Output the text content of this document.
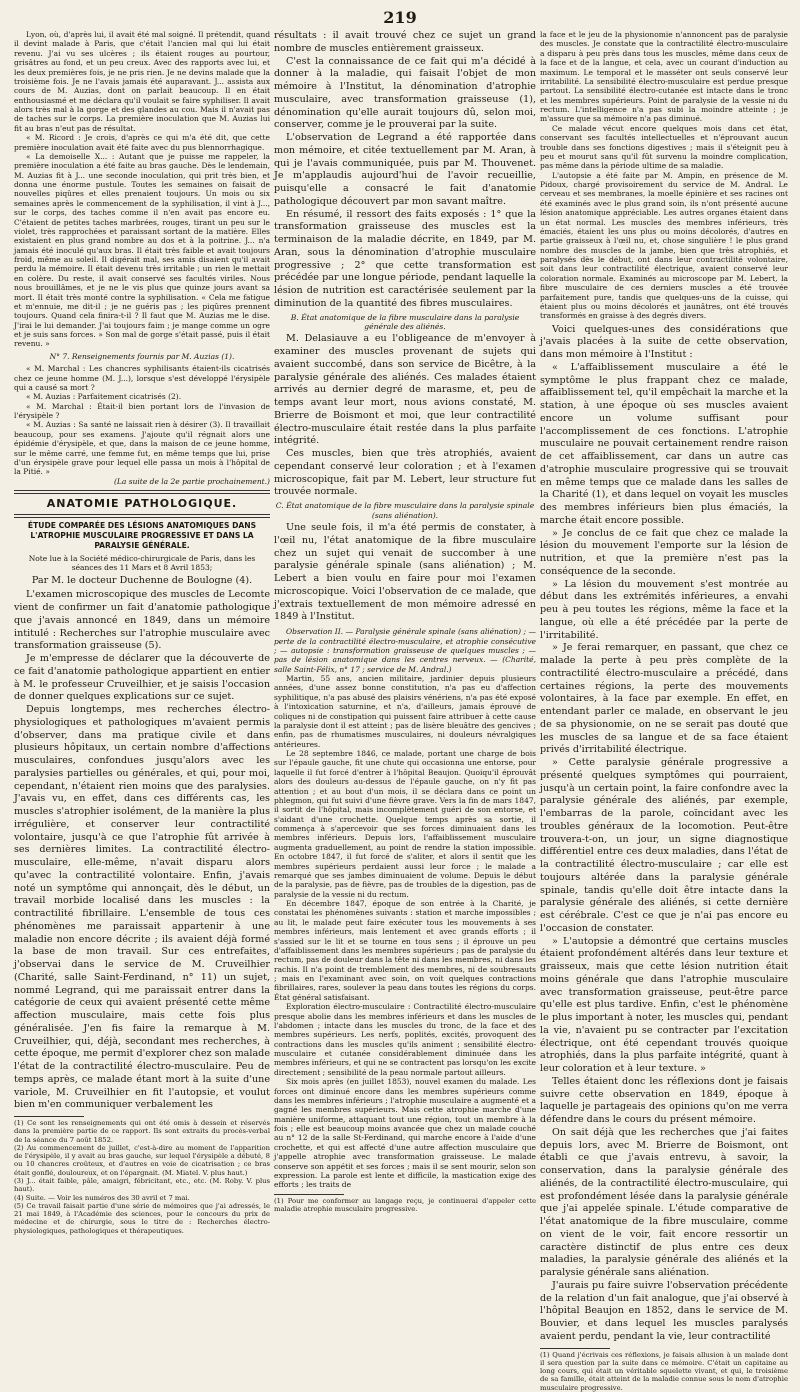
219

Lyon, où, d'après lui, il avait été mal soigné. Il prétendit, quand il devint malade à Paris, que c'était l'ancien mal qui lui était revenu. J'ai vu ses ulcères ; ils étaient rouges au pourtour, grisâtres au fond, et un peu creux. Avec des rapports avec lui, et les deux premières fois, je ne pris rien. Je ne devins malade que la troisième fois. Je ne l'avais jamais été auparavant. J... assista aux cours de M. Auzias, dont on parlait beaucoup. Il en était enthousiasmé et me déclara qu'il voulait se faire syphiliser. Il avait alors très mal à la gorge et des glandes au cou. Mais il n'avait pas de taches sur le corps. La première inoculation que M. Auzias lui fit au bras n'eut pas de résultat.

« M. Ricord : Je crois, d'après ce qui m'a été dit, que cette première inoculation avait été faite avec du pus blennorrhagique.

« La demoiselle X... : Autant que je puisse me rappeler, la première inoculation a été faite au bras gauche. Dès le lendemain, M. Auzias fit à J... une seconde inoculation, qui prit très bien, et donna une énorme pustule. Toutes les semaines on faisait de nouvelles piqûres et elles prenaient toujours. Un mois ou six semaines après le commencement de la syphilisation, il vint à J..., sur le corps, des taches comme il n'en avait pas encore eu. C'étaient de petites taches marbrées, rouges, tirant un peu sur le violet, très rapprochées et paraissant sortant de la matière. Elles existaient en plus grand nombre au dos et à la poitrine. J... n'a jamais été inoculé qu'aux bras. Il était très faible et avait toujours froid, même au soleil. Il digérait mal, ses amis disaient qu'il avait perdu la mémoire. Il était devenu très irritable ; un rien le mettait en colère. Du reste, il avait conservé ses facultés viriles. Nous nous brouillâmes, et je ne le vis plus que quinze jours avant sa mort. Il était très monté contre la syphilisation. « Cela me fatigue et m'ennuie, me dit-il ; je ne guéris pas ; les piqûres prennent toujours. Quand cela finira-t-il ? Il faut que M. Auzias me le dise. J'irai le lui demander. J'ai toujours faim ; je mange comme un ogre et je suis sans forces. » Son mal de gorge s'était passé, puis il était revenu. »

N° 7. Renseignements fournis par M. Auzias (1).

« M. Marchal : Les chancres syphilisants étaient-ils cicatrisés chez ce jeune homme (M. J...), lorsque s'est développé l'érysipèle qui a causé sa mort ?

« M. Auzias : Parfaitement cicatrisés (2).

« M. Marchal : Était-il bien portant lors de l'invasion de l'érysipèle ?

« M. Auzias : Sa santé ne laissait rien à désirer (3). Il travaillait beaucoup, pour ses examens. J'ajoute qu'il régnait alors une épidémie d'érysipèle, et que, dans la maison de ce jeune homme, sur le même carré, une femme fut, en même temps que lui, prise d'un érysipèle grave pour lequel elle passa un mois à l'hôpital de la Pitié. »

(La suite de la 2e partie prochainement.)

ANATOMIE PATHOLOGIQUE.
ÉTUDE COMPARÉE DES LÉSIONS ANATOMIQUES DANS L'ATROPHIE MUSCULAIRE PROGRESSIVE ET DANS LA PARALYSIE GÉNÉRALE.
Note lue à la Société médico-chirurgicale de Paris, dans les séances des 11 Mars et 8 Avril 1853;
Par M. le docteur Duchenne de Boulogne (4).

L'examen microscopique des muscles de Lecomte vient de confirmer un fait d'anatomie pathologique que j'avais annoncé en 1849, dans un mémoire intitulé : Recherches sur l'atrophie musculaire avec transformation graisseuse (5).

Je m'empresse de déclarer que la découverte de ce fait d'anatomie pathologique appartient en entier à M. le professeur Cruveilhier, et je saisis l'occasion de donner quelques explications sur ce sujet.

Depuis longtemps, mes recherches électro-physiologiques et pathologiques m'avaient permis d'observer, dans ma pratique civile et dans plusieurs hôpitaux, un certain nombre d'affections musculaires, confondues jusqu'alors avec les paralysies partielles ou générales, et qui, pour moi, cependant, n'étaient rien moins que des paralysies. J'avais vu, en effet, dans ces différents cas, les muscles s'atrophier isolément, de la manière la plus irrégulière, et conserver leur contractilité volontaire, jusqu'à ce que l'atrophie fût arrivée à ses dernières limites. La contractilité électro-musculaire, elle-même, n'avait disparu alors qu'avec la contractilité volontaire. Enfin, j'avais noté un symptôme qui annonçait, dès le début, un travail morbide localisé dans les muscles : la contractilité fibrillaire. L'ensemble de tous ces phénomènes me paraissait appartenir à une maladie non encore décrite ; ils avaient déjà formé la base de mon travail. Sur ces entrefaites, j'observai dans le service de M. Cruveilhier (Charité, salle Saint-Ferdinand, n° 11) un sujet, nommé Legrand, qui me paraissait entrer dans la catégorie de ceux qui avaient présenté cette même affection musculaire, mais cette fois plus généralisée. J'en fis faire la remarque à M. Cruveilhier, qui, déjà, secondant mes recherches, à cette époque, me permit d'explorer chez son malade l'état de la contractilité électro-musculaire. Peu de temps après, ce malade étant mort à la suite d'une variole, M. Cruveilhier en fit l'autopsie, et voulut bien m'en communiquer verbalement les

(1) Ce sont les renseignements qui ont été omis à dessein et réservés dans la première partie de ce rapport. Ils sont extraits du procès-verbal de la séance du 7 août 1852.

(2) Au commencement de juillet, c'est-à-dire au moment de l'apparition de l'érysipèle, il y avait au bras gauche, sur lequel l'érysipèle a débuté, 8 ou 10 chancres croûteux, et d'autres en voie de cicatrisation ; ce bras était gonflé, douloureux, et on l'épargnait. (M. Miatel. V. plus haut.)

(3) J... était faible, pâle, amaigri, fébricitant, etc., etc. (M. Roby. V. plus haut).

(4) Suite. — Voir les numéros des 30 avril et 7 mai.

(5) Ce travail faisait partie d'une série de mémoires que j'ai adressés, le 21 mai 1849, à l'Académie des sciences, pour le concours du prix de médecine et de chirurgie, sous le titre de : Recherches électro-physiologiques, pathologiques et thérapeutiques.

résultats : il avait trouvé chez ce sujet un grand nombre de muscles entièrement graisseux.

C'est la connaissance de ce fait qui m'a décidé à donner à la maladie, qui faisait l'objet de mon mémoire à l'Institut, la dénomination d'atrophie musculaire, avec transformation graisseuse (1), dénomination qu'elle aurait toujours dû, selon moi, conserver, comme je le prouverai par la suite.

L'observation de Legrand a été rapportée dans mon mémoire, et citée textuellement par M. Aran, à qui je l'avais communiquée, puis par M. Thouvenet. Je m'applaudis aujourd'hui de l'avoir recueillie, puisqu'elle a consacré le fait d'anatomie pathologique découvert par mon savant maître.

En résumé, il ressort des faits exposés : 1° que la transformation graisseuse des muscles est la terminaison de la maladie décrite, en 1849, par M. Aran, sous la dénomination d'atrophie musculaire progressive ; 2° que cette transformation est précédée par une longue période, pendant laquelle la lésion de nutrition est caractérisée seulement par la diminution de la quantité des fibres musculaires.

B. État anatomique de la fibre musculaire dans la paralysie générale des aliénés.

M. Delasiauve a eu l'obligeance de m'envoyer à examiner des muscles provenant de sujets qui avaient succombé, dans son service de Bicêtre, à la paralysie générale des aliénés. Ces malades étaient arrivés au dernier degré de marasme, et, peu de temps avant leur mort, nous avions constaté, M. Brierre de Boismont et moi, que leur contractilité électro-musculaire était restée dans la plus parfaite intégrité.

Ces muscles, bien que très atrophiés, avaient cependant conservé leur coloration ; et à l'examen microscopique, fait par M. Lebert, leur structure fut trouvée normale.

C. État anatomique de la fibre musculaire dans la paralysie spinale (sans aliénation).

Une seule fois, il m'a été permis de constater, à l'œil nu, l'état anatomique de la fibre musculaire chez un sujet qui venait de succomber à une paralysie générale spinale (sans aliénation) ; M. Lebert a bien voulu en faire pour moi l'examen microscopique. Voici l'observation de ce malade, que j'extrais textuellement de mon mémoire adressé en 1849 à l'Institut.

Observation II. — Paralysie générale spinale (sans aliénation) ; — perte de la contractilité électro-musculaire, et atrophie consécutive ; — autopsie : transformation graisseuse de quelques muscles ; — pas de lésion anatomique dans les centres nerveux. — (Charité, salle Saint-Félix, n° 17 ; service de M. Andral.)

Martin, 55 ans, ancien militaire, jardinier depuis plusieurs années, d'une assez bonne constitution, n'a pas eu d'affection syphilitique, n'a pas abusé des plaisirs vénériens, n'a pas été exposé à l'intoxication saturnine, et n'a, d'ailleurs, jamais éprouvé de coliques ni de constipation qui puissent faire attribuer à cette cause la paralysie dont il est atteint ; pas de lisère bleuâtre des gencives ; enfin, pas de rhumatismes musculaires, ni douleurs névralgiques antérieures.

Le 28 septembre 1846, ce malade, portant une charge de bois sur l'épaule gauche, fit une chute qui occasionna une entorse, pour laquelle il fut forcé d'entrer à l'hôpital Beaujon. Quoiqu'il éprouvât alors des douleurs au-dessus de l'épaule gauche, on n'y fit pas attention ; et au bout d'un mois, il se déclara dans ce point un phlegmon, qui fut suivi d'une fièvre grave. Vers la fin de mars 1847, il sortit de l'hôpital, mais incomplètement guéri de son entorse, et s'aidant d'une crochette. Quelque temps après sa sortie, il commença à s'apercevoir que ses forces diminuaient dans les membres inférieurs. Depuis lors, l'affaiblissement musculaire augmenta graduellement, au point de rendre la station impossible. En octobre 1847, il fut forcé de s'aliter, et alors il sentit que les membres supérieurs perdaient aussi leur force ; le malade a remarqué que ses jambes diminuaient de volume. Depuis le début de la paralysie, pas de fièvre, pas de troubles de la digestion, pas de paralysie de la vessie ni du rectum.

En décembre 1847, époque de son entrée à la Charité, je constatai les phénomènes suivants : station et marche impossibles ; au lit, le malade peut faire exécuter tous les mouvements à ses membres inférieurs, mais lentement et avec grands efforts ; il s'assied sur le lit et se tourne en tous sens ; il éprouve un peu d'affaiblissement dans les membres supérieurs ; pas de paralysie du rectum, pas de douleur dans la tête ni dans les membres, ni dans les rachis. Il n'a point de tremblement des membres, ni de soubresauts ; mais en l'examinant avec soin, on voit quelques contractions fibrillaires, rares, soulever la peau dans toutes les régions du corps. État général satisfaisant.

Exploration électro-musculaire : Contractilité électro-musculaire presque abolie dans les membres inférieurs et dans les muscles de l'abdomen ; intacte dans les muscles du tronc, de la face et des membres supérieurs. Les nerfs, poplités, excités, provoquent des contractions dans les muscles qu'ils animent ; sensibilité électro-musculaire et cutanée considérablement diminuée dans les membres inférieurs, et qui ne se contractent pas lorsqu'on les excite directement ; sensibilité de la peau normale partout ailleurs.

Six mois après (en juillet 1853), nouvel examen du malade. Les forces ont diminué encore dans les membres supérieurs comme dans les membres inférieurs ; l'atrophie musculaire a augmenté et a gagné les membres supérieurs. Mais cette atrophie marche d'une manière uniforme, attaquant tout une région, tout un membre à la fois ; elle est beaucoup moins avancée que chez un malade couché au n° 12 de la salle St-Ferdinand, qui marche encore à l'aide d'une crochette, et qui est affecté d'une autre affection musculaire que j'appelle atrophie avec transformation graisseuse. Le malade conserve son appétit et ses forces ; mais il se sent mourir, selon son expression. La parole est lente et difficile, la mastication exige des efforts ; les traits de

(1) Pour me conformer au langage reçu, je continuerai d'appeler cette maladie atrophie musculaire progressive.

la face et le jeu de la physionomie n'annoncent pas de paralysie des muscles. Je constate que la contractilité électro-musculaire a disparu à peu près dans tous les muscles, même dans ceux de la face et de la langue, et cela, avec un courant d'induction au maximum. Le temporal et le masséter ont seuls conservé leur irritabilité. La sensibilité électro-musculaire est perdue presque partout. La sensibilité électro-cutanée est intacte dans le tronc et les membres supérieurs. Point de paralysie de la vessie ni du rectum. L'intelligence n'a pas subi la moindre atteinte ; je m'assure que sa mémoire n'a pas diminué.

Ce malade vécut encore quelques mois dans cet état, conservant ses facultés intellectuelles et n'éprouvant aucun trouble dans ses fonctions digestives ; mais il s'éteignit peu à peu et mourut sans qu'il fût survenu la moindre complication, pas même dans la période ultime de sa maladie.

L'autopsie a été faite par M. Ampin, en présence de M. Pidoux, chargé provisoirement du service de M. Andral. Le cerveau et ses membranes, la moelle épinière et ses racines ont été examinés avec le plus grand soin, ils n'ont présenté aucune lésion anatomique appréciable. Les autres organes étaient dans un état normal. Les muscles des membres inférieurs, très émaciés, étaient les uns plus ou moins décolorés, d'autres en partie graisseux à l'œil nu, et, chose singulière ! le plus grand nombre des muscles de la jambe, bien que très atrophiés, et paralysés dès le début, ont dans leur contractilité volontaire, soit dans leur contractilité électrique, avaient conservé leur coloration normale. Examinés au microscope par M. Lebert, la fibre musculaire de ces derniers muscles a été trouvée parfaitement pure, tandis que quelques-uns de la cuisse, qui étaient plus ou moins décolorés et jaunâtres, ont été trouvés transformés en graisse à des degrés divers.

Voici quelques-unes des considérations que j'avais placées à la suite de cette observation, dans mon mémoire à l'Institut :

« L'affaiblissement musculaire a été le symptôme le plus frappant chez ce malade, affaiblissement tel, qu'il empêchait la marche et la station, à une époque où ses muscles avaient encore un volume suffisant pour l'accomplissement de ces fonctions. L'atrophie musculaire ne pouvait certainement rendre raison de cet affaiblissement, car dans un autre cas d'atrophie musculaire progressive qui se trouvait en même temps que ce malade dans les salles de la Charité (1), et dans lequel on voyait les muscles des membres inférieurs bien plus émaciés, la marche était encore possible.

» Je conclus de ce fait que chez ce malade la lésion du mouvement l'emporte sur la lésion de nutrition, et que la première n'est pas la conséquence de la seconde.

» La lésion du mouvement s'est montrée au début dans les extrémités inférieures, a envahi peu à peu toutes les régions, même la face et la langue, où elle a été précédée par la perte de l'irritabilité.

» Je ferai remarquer, en passant, que chez ce malade la perte à peu près complète de la contractilité électro-musculaire a précédé, dans certaines régions, la perte des mouvements volontaires, à la face par exemple. En effet, en entendant parler ce malade, en observant le jeu de sa physionomie, on ne se serait pas douté que les muscles de sa langue et de sa face étaient privés d'irritabilité électrique.

» Cette paralysie générale progressive a présenté quelques symptômes qui pourraient, jusqu'à un certain point, la faire confondre avec la paralysie générale des aliénés, par exemple, l'embarras de la parole, coïncidant avec les troubles généraux de la locomotion. Peut-être trouvera-t-on, un jour, un signe diagnostique différentiel entre ces deux maladies, dans l'état de la contractilité électro-musculaire ; car elle est toujours altérée dans la paralysie générale spinale, tandis qu'elle doit être intacte dans la paralysie générale des aliénés, si cette dernière est cérébrale. C'est ce que je n'ai pas encore eu l'occasion de constater.

» L'autopsie a démontré que certains muscles étaient profondément altérés dans leur texture et graisseux, mais que cette lésion nutrition était moins générale que dans l'atrophie musculaire avec transformation graisseuse, peut-être parce qu'elle est plus tardive. Enfin, c'est le phénomène le plus important à noter, les muscles qui, pendant la vie, n'avaient pu se contracter par l'excitation électrique, ont été cependant trouvés quoique atrophiés, dans la plus parfaite intégrité, quant à leur coloration et à leur texture. »

Telles étaient donc les réflexions dont je faisais suivre cette observation en 1849, époque à laquelle je partageais des opinions qu'on me verra défendre dans le cours du présent mémoire.

On sait déjà que les recherches que j'ai faites depuis lors, avec M. Brierre de Boismont, ont établi ce que j'avais entrevu, à savoir, la conservation, dans la paralysie générale des aliénés, de la contractilité électro-musculaire, qui est profondément lésée dans la paralysie générale que j'ai appelée spinale. L'étude comparative de l'état anatomique de la fibre musculaire, comme on vient de le voir, fait encore ressortir un caractère distinctif de plus entre ces deux maladies, la paralysie générale des aliénés et la paralysie générale sans aliénation.

J'aurais pu faire suivre l'observation précédente de la relation d'un fait analogue, que j'ai observé à l'hôpital Beaujon en 1852, dans le service de M. Bouvier, et dans lequel les muscles paralysés avaient perdu, pendant la vie, leur contractilité

(1) Quand j'écrivais ces réflexions, je faisais allusion à un malade dont il sera question par la suite dans ce mémoire. C'était un capitaine au long cours, qui était un véritable squelette vivant, et qui, le troisième de sa famille, était atteint de la maladie connue sous le nom d'atrophie musculaire progressive.
